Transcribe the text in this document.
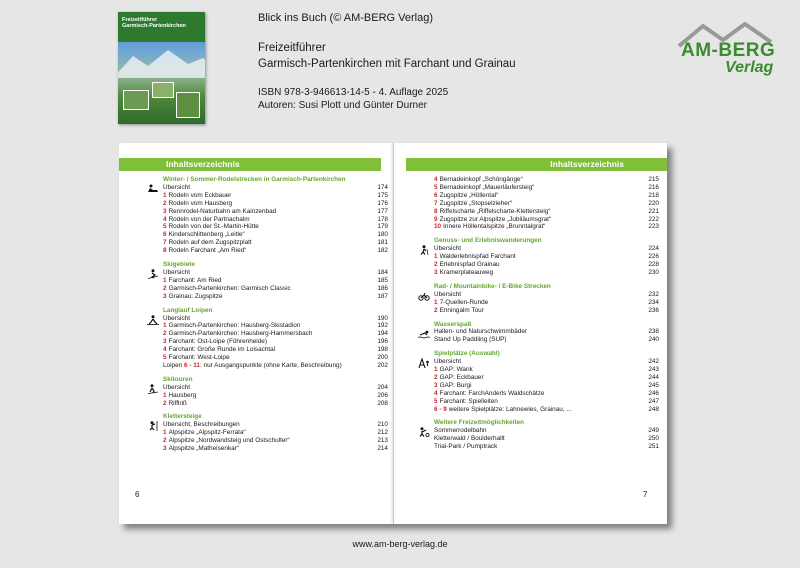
Freizeitführer
Garmisch-Partenkirchen
Blick ins Buch (© AM-BERG Verlag)
Freizeitführer
Garmisch-Partenkirchen mit Farchant und Grainau
ISBN 978-3-946613-14-5 - 4. Auflage 2025
Autoren: Susi Plott und Günter Durner
AM-BERG
Verlag
Inhaltsverzeichnis	Inhaltsverzeichnis
Winter- / Sommer-Rodelstrecken in Garmisch-Partenkirchen
Übersicht	174
1 Rodeln vom Eckbauer	175
2 Rodeln vom Hausberg	176
3 Rennrodel-Naturbahn am Kainzenbad	177
4 Rodeln von der Partnachalm	178
5 Rodeln von der St.-Martin-Hütte	179
6 Kinderschlittenberg „Leitle“	180
7 Rodeln auf dem Zugspitzplatt	181
8 Rodeln Farchant „Am Ried“	182
Skigebiete
Übersicht	184
1 Farchant: Am Ried	185
2 Garmisch-Partenkirchen: Garmisch Classic	186
3 Grainau: Zugspitze	187
Langlauf Loipen
Übersicht	190
1 Garmisch-Partenkirchen: Hausberg-Skistadion	192
2 Garmisch-Partenkirchen: Hausberg-Hammersbach	194
3 Farchant: Ost-Loipe (Föhrenheide)	196
4 Farchant: Große Runde im Loisachtal	198
5 Farchant: West-Loipe	200
Loipen 6 - 11: nur Ausgangspunkte (ohne Karte, Beschreibung)	202
Skitouren
Übersicht	204
1 Hausberg	206
2 Rifflriß	208
Klettersteige
Übersicht, Beschreibungen	210
1 Alpspitze „Alpspitz-Ferrata“	212
2 Alpspitze „Nordwandsteig und Ostschulter“	213
3 Alpspitze „Matheisenkar“	214
4 Bernadeinkopf „Schöngänge“	215
5 Bernadeinkopf „Mauerläufersteig“	216
6 Zugspitze „Höllental“	218
7 Zugspitze „Stopselzieher“	220
8 Riffelscharte „Riffelscharte-Klettersteig“	221
9 Zugspitze zur Alpspitze „Jubiläumsgrat“	222
10 Innere Höllentalspitze „Brunntalgrat“	223
Genuss- und Erlebniswanderungen
Übersicht	224
1 Walderlebnispfad Farchant	226
2 Erlebnispfad Grainau	228
3 Kramerplateauweg	230
Rad- / Mountainbike- / E-Bike Strecken
Übersicht	232
1 7-Quellen-Runde	234
2 Enningalm Tour	236
Wasserspaß
Hallen- und Naturschwimmbäder	238
Stand Up Paddling (SUP)	240
Spielplätze (Auswahl)
Übersicht	242
1 GAP: Wank	243
2 GAP: Eckbauer	244
3 GAP: Burgi	245
4 Farchant: FarchAnderls Waldschätze	246
5 Farchant: Spielleiten	247
6 - 9 weitere Spielplätze: Lahnewies, Grainau, ...	248
Weitere Freizeitmöglichkeiten
Sommerrodelbahn	249
Kletterwald / Boulderhallt	250
Trial-Park / Pumptrack	251
6	7
www.am-berg-verlag.de
